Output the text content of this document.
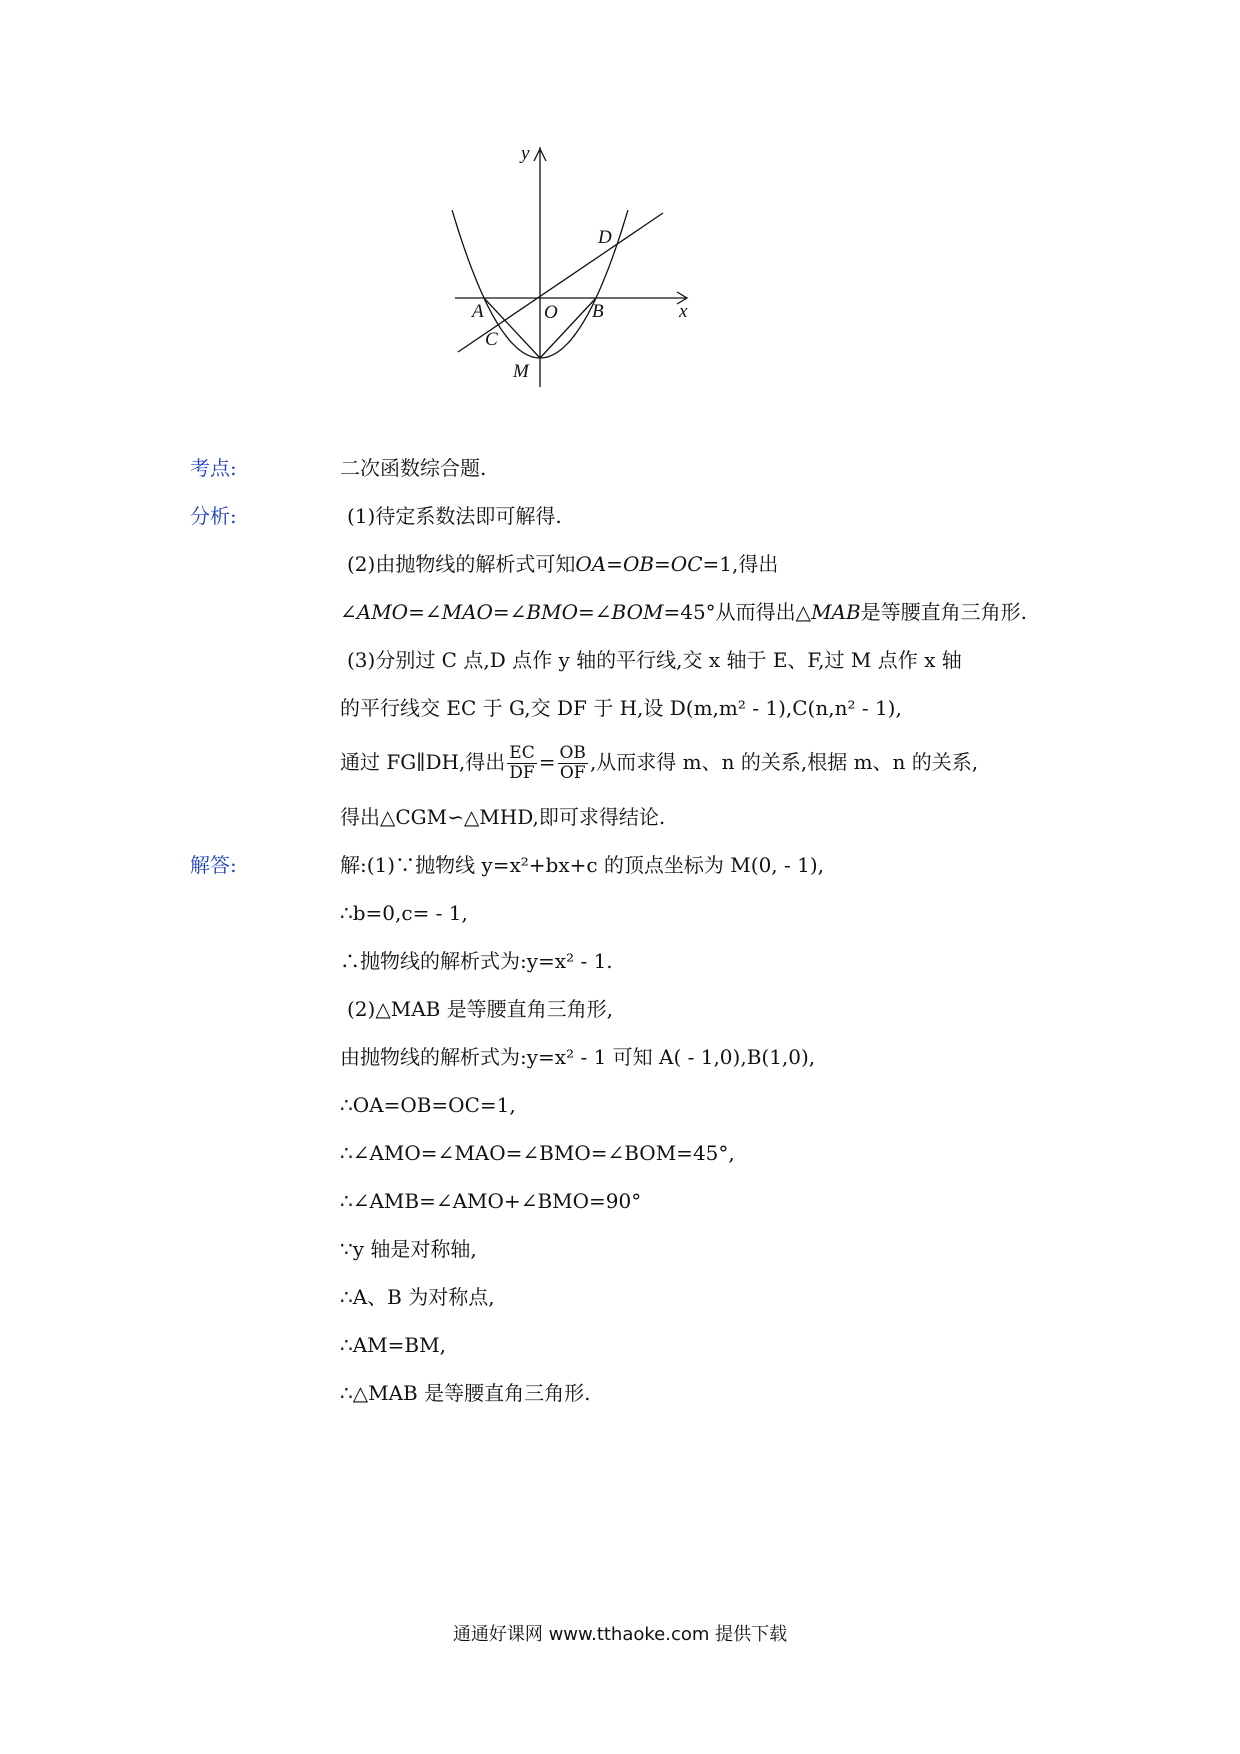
y
x
D
A	O B
C
M
考点:	二次函数综合题.
分析:	(1)待定系数法即可解得.
(2)由抛物线的解析式可知OA=OB=OC=1,得出
∠AMO=∠MAO=∠BMO=∠BOM=45°从而得出△MAB是等腰直角三角形.
(3)分别过 C 点,D 点作 y 轴的平行线,交 x 轴于 E、F,过 M 点作 x 轴
的平行线交 EC 于 G,交 DF 于 H,设 D(m,m² - 1),C(n,n² - 1),
通过 FG∥DH,得出 $\frac{EC}{DF} = \frac{OB}{OF}$ ,从而求得 m、n 的关系,根据 m、n 的关系,
得出△CGM∽△MHD,即可求得结论.
解答:	解:(1)∵抛物线 y=x²+bx+c 的顶点坐标为 M(0, - 1),
∴b=0,c= - 1,
∴抛物线的解析式为:y=x² - 1.
(2)△MAB 是等腰直角三角形,
由抛物线的解析式为:y=x² - 1 可知 A( - 1,0),B(1,0),
∴OA=OB=OC=1,
∴∠AMO=∠MAO=∠BMO=∠BOM=45°,
∴∠AMB=∠AMO+∠BMO=90°
∵y 轴是对称轴,
∴A、B 为对称点,
∴AM=BM,
∴△MAB 是等腰直角三角形.
通通好课网 www.tthaoke.com 提供下载
